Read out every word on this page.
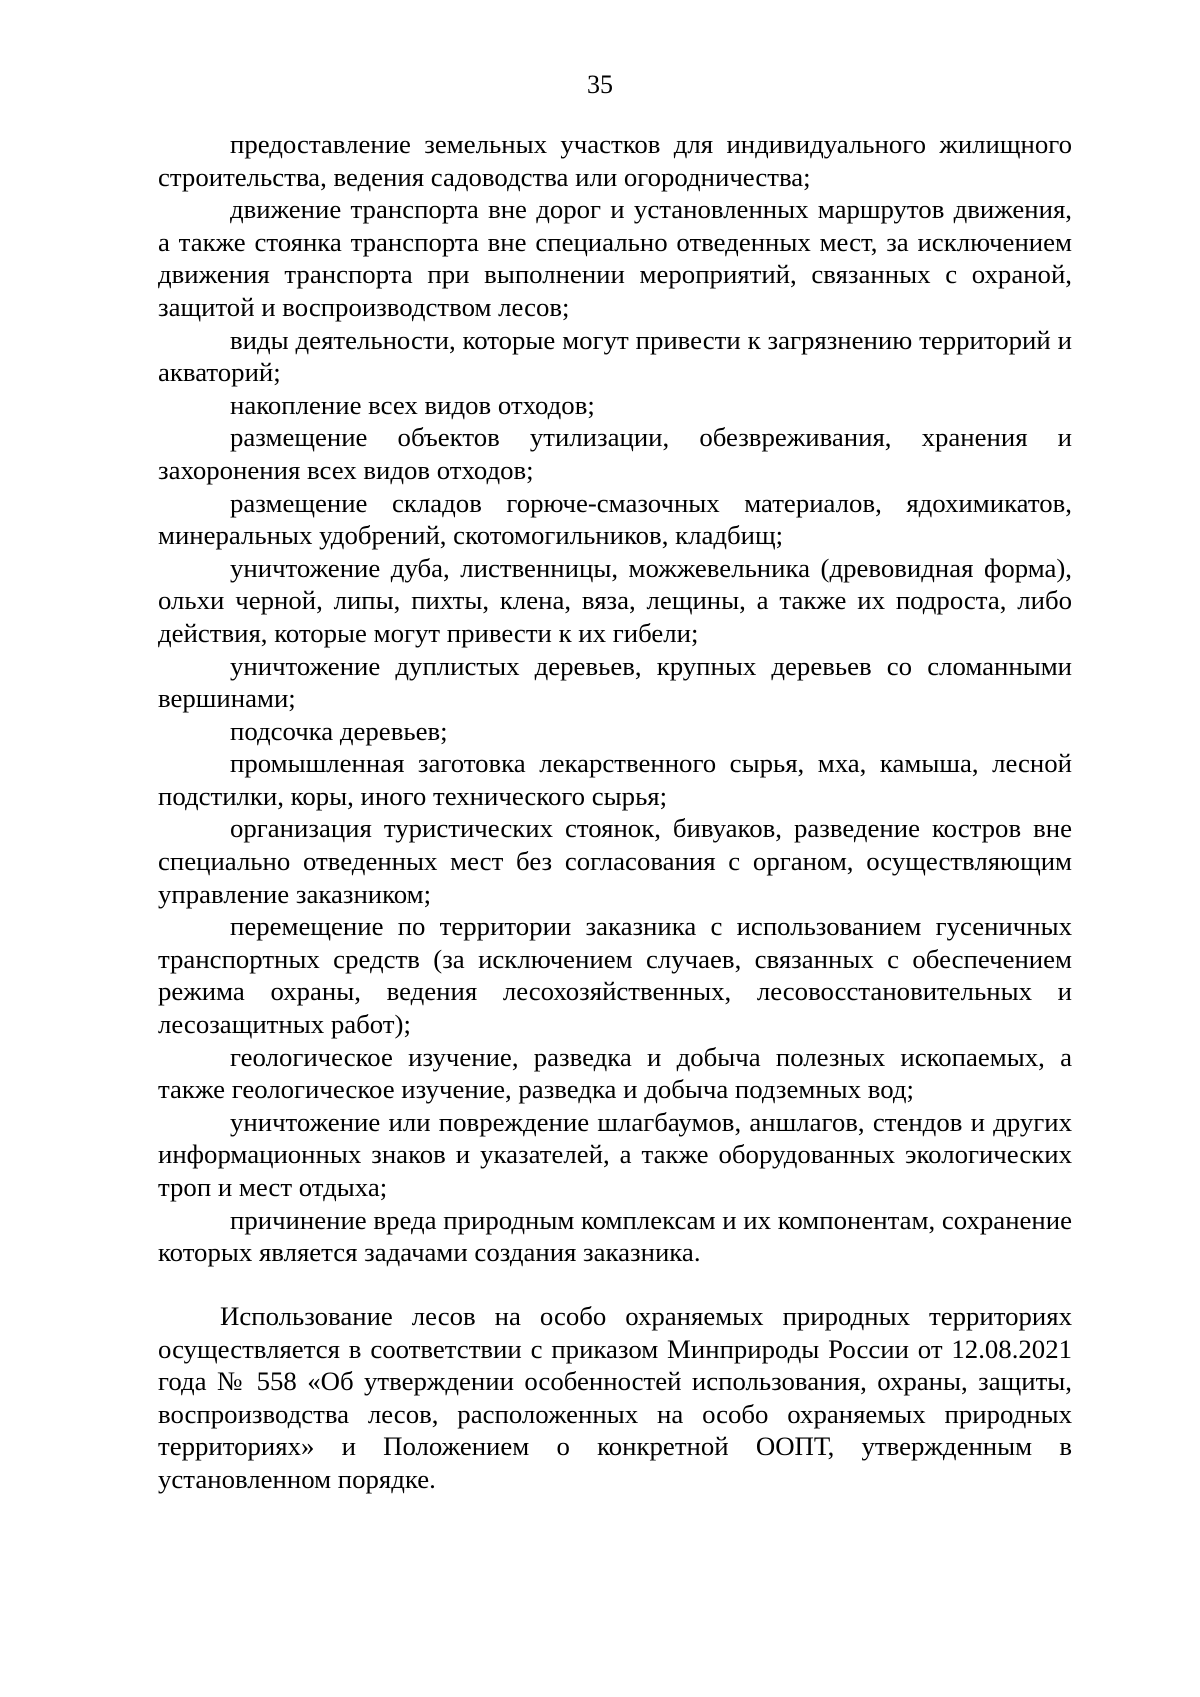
35

предоставление земельных участков для индивидуального жилищного строительства, ведения садоводства или огородничества;

движение транспорта вне дорог и установленных маршрутов движения, а также стоянка транспорта вне специально отведенных мест, за исключением движения транспорта при выполнении мероприятий, связанных с охраной, защитой и воспроизводством лесов;

виды деятельности, которые могут привести к загрязнению территорий и акваторий;

накопление всех видов отходов;

размещение объектов утилизации, обезвреживания, хранения и захоронения всех видов отходов;

размещение складов горюче-смазочных материалов, ядохимикатов, минеральных удобрений, скотомогильников, кладбищ;

уничтожение дуба, лиственницы, можжевельника (древовидная форма), ольхи черной, липы, пихты, клена, вяза, лещины, а также их подроста, либо действия, которые могут привести к их гибели;

уничтожение дуплистых деревьев, крупных деревьев со сломанными вершинами;

подсочка деревьев;

промышленная заготовка лекарственного сырья, мха, камыша, лесной подстилки, коры, иного технического сырья;

организация туристических стоянок, бивуаков, разведение костров вне специально отведенных мест без согласования с органом, осуществляющим управление заказником;

перемещение по территории заказника с использованием гусеничных транспортных средств (за исключением случаев, связанных с обеспечением режима охраны, ведения лесохозяйственных, лесовосстановительных и лесозащитных работ);

геологическое изучение, разведка и добыча полезных ископаемых, а также геологическое изучение, разведка и добыча подземных вод;

уничтожение или повреждение шлагбаумов, аншлагов, стендов и других информационных знаков и указателей, а также оборудованных экологических троп и мест отдыха;

причинение вреда природным комплексам и их компонентам, сохранение которых является задачами создания заказника.

Использование лесов на особо охраняемых природных территориях осуществляется в соответствии с приказом Минприроды России от 12.08.2021 года № 558 «Об утверждении особенностей использования, охраны, защиты, воспроизводства лесов, расположенных на особо охраняемых природных территориях» и Положением о конкретной ООПТ, утвержденным в установленном порядке.
